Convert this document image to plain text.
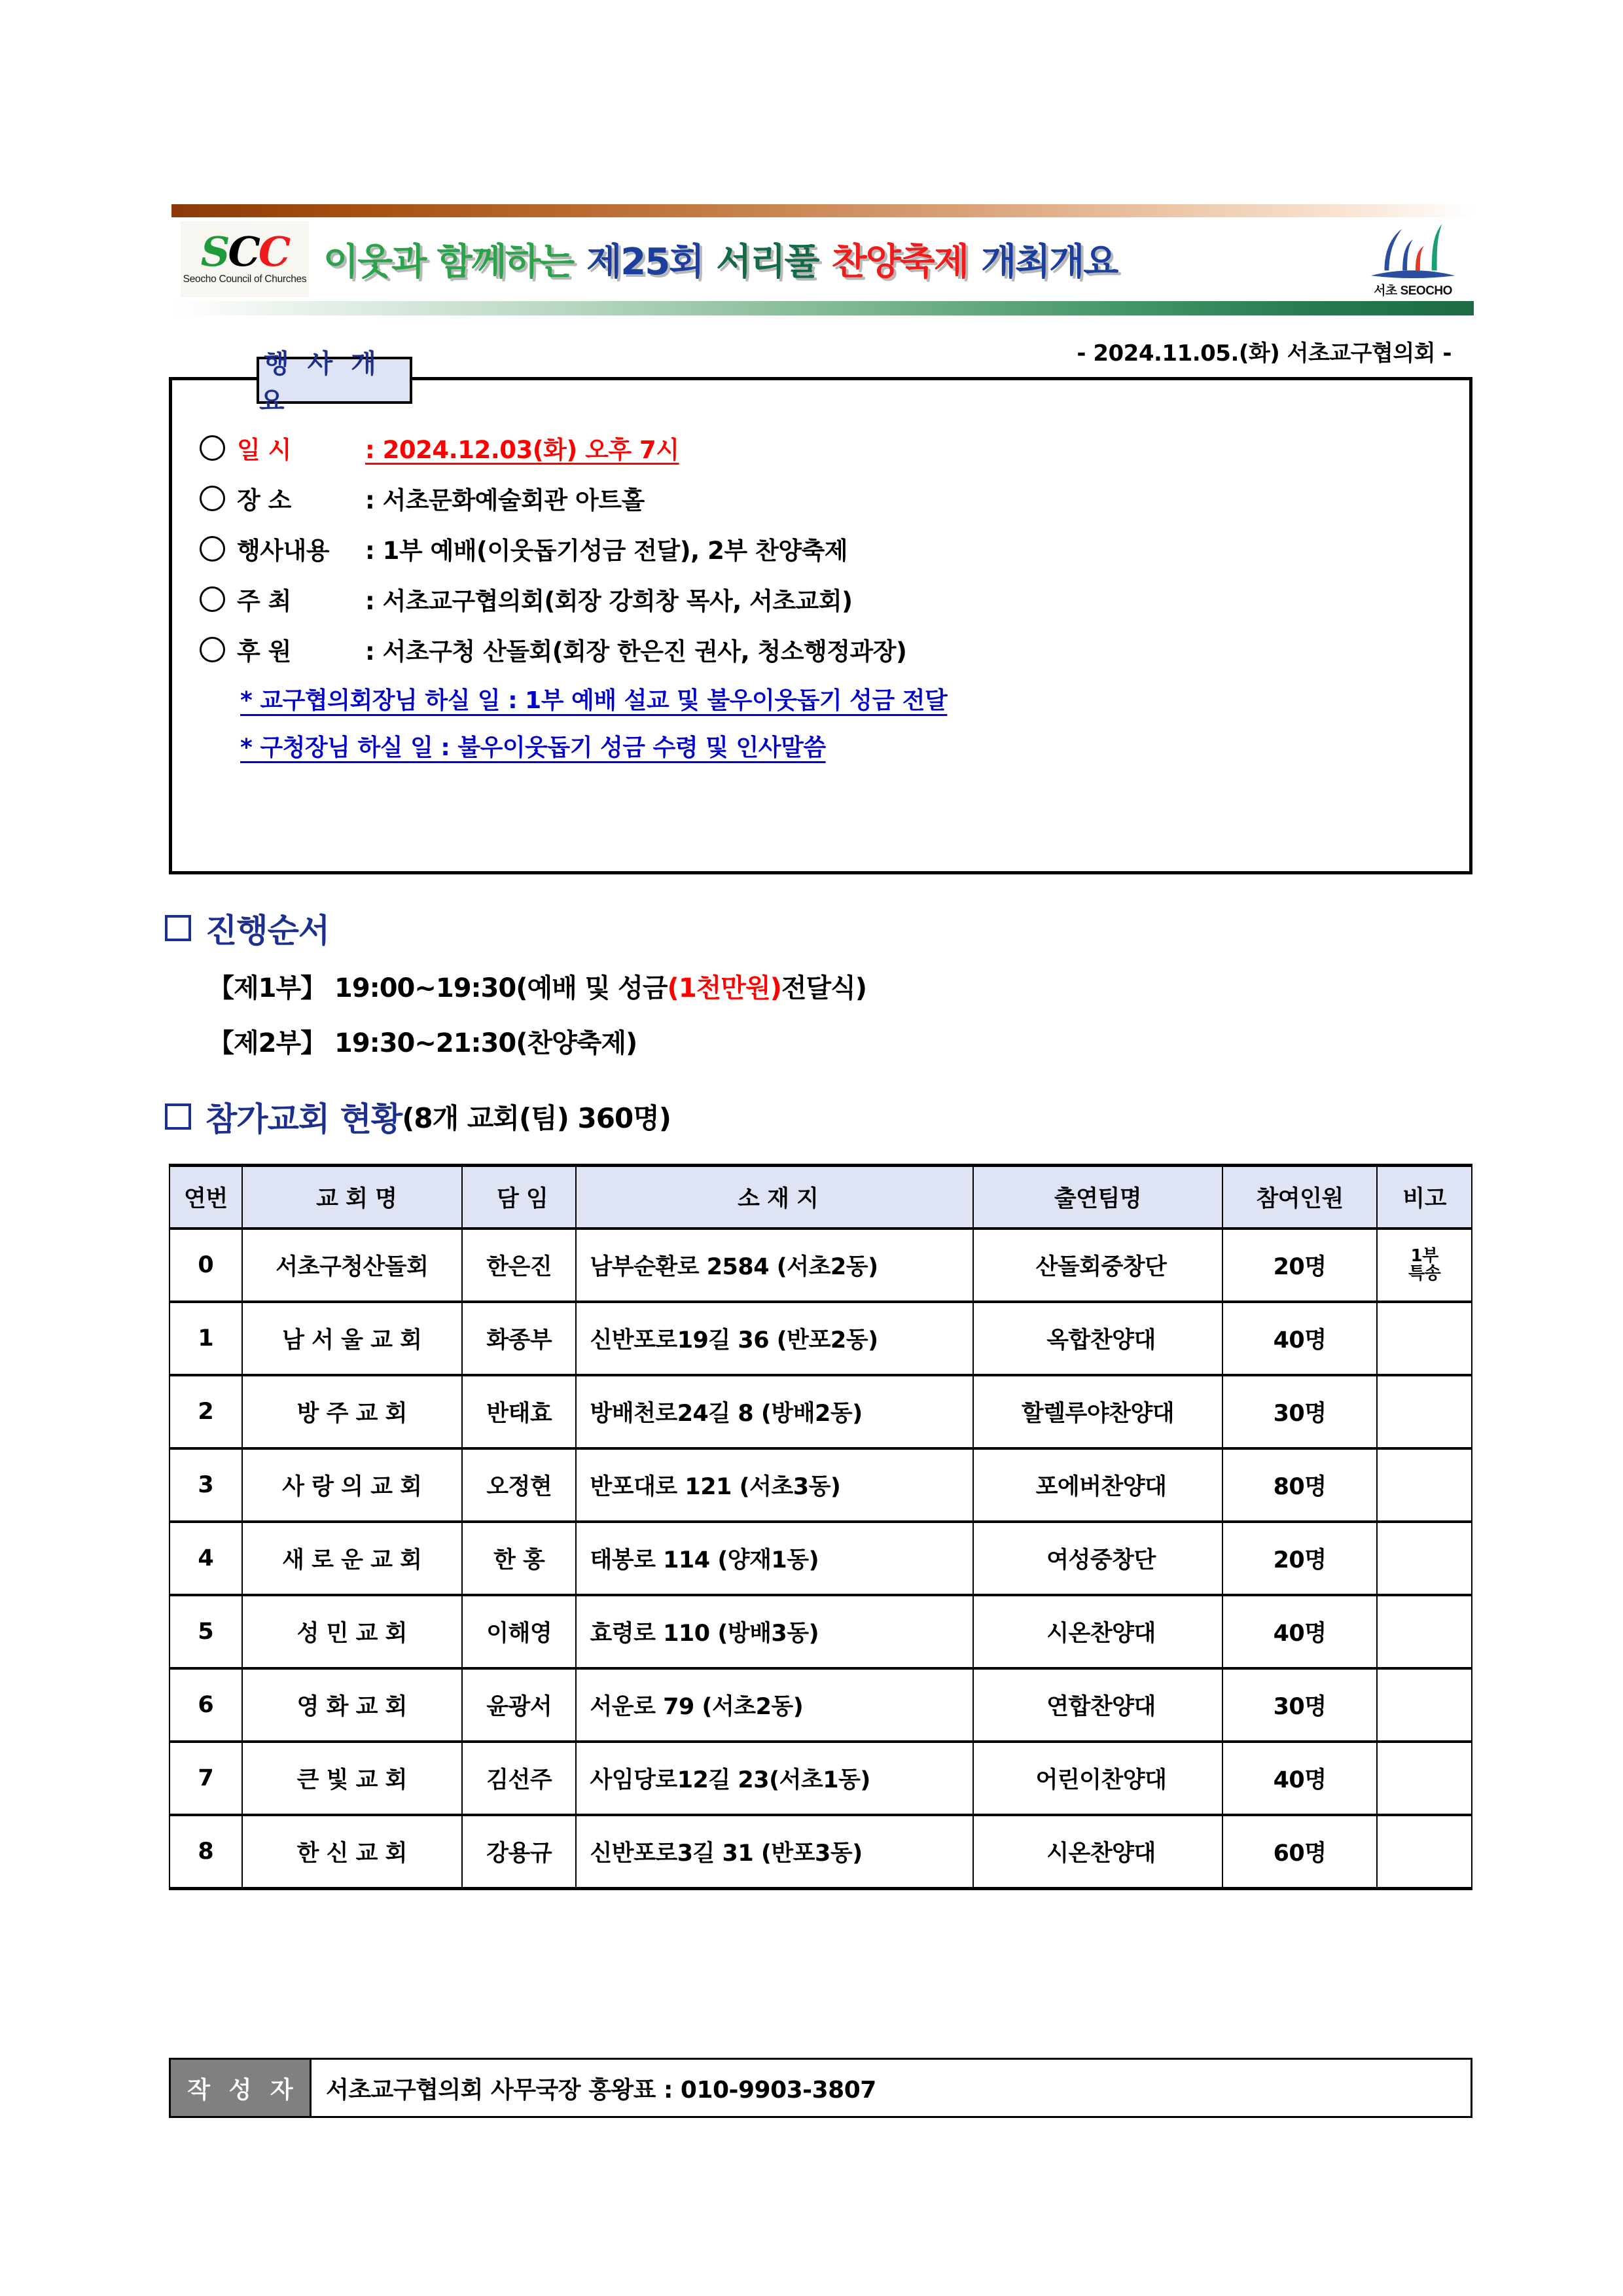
SCC
Seocho Council of Churches 이웃과 함께하는 제25회 서리풀 찬양축제 개최개요
서초 SEOCHO
- 2024.11.05.(화) 서초교구협의회 -
일 시	: 2024.12.03(화) 오후 7시
장 소	: 서초문화예술회관 아트홀
행사내용	: 1부 예배(이웃돕기성금 전달), 2부 찬양축제
주 최	: 서초교구협의회(회장 강희창 목사, 서초교회)
후 원	: 서초구청 산돌회(회장 한은진 권사, 청소행정과장)
* 교구협의회장님 하실 일 : 1부 예배 설교 및 불우이웃돕기 성금 전달
* 구청장님 하실 일 : 불우이웃돕기 성금 수령 및 인사말씀
행 사 개 요
진행순서
【제1부】 19:00~19:30(예배 및 성금(1천만원)전달식)
【제2부】 19:30~21:30(찬양축제)
참가교회 현황 (8개 교회(팀) 360명)
연번	교 회 명	담 임	소 재 지	출연팀명	참여인원	비고
0	서초구청산돌회	한은진	남부순환로 2584 (서초2동)	산돌회중창단	20명	1부
특송
1	남 서 울 교 회	화종부	신반포로19길 36 (반포2동)	옥합찬양대	40명	
2	방 주 교 회	반태효	방배천로24길 8 (방배2동)	할렐루야찬양대	30명	
3	사 랑 의 교 회	오정현	반포대로 121 (서초3동)	포에버찬양대	80명	
4	새 로 운 교 회	한 홍	태봉로 114 (양재1동)	여성중창단	20명	
5	성 민 교 회	이해영	효령로 110 (방배3동)	시온찬양대	40명	
6	영 화 교 회	윤광서	서운로 79 (서초2동)	연합찬양대	30명	
7	큰 빛 교 회	김선주	사임당로12길 23(서초1동)	어린이찬양대	40명	
8	한 신 교 회	강용규	신반포로3길 31 (반포3동)	시온찬양대	60명	
작 성 자	서초교구협의회 사무국장 홍왕표 : 010-9903-3807
